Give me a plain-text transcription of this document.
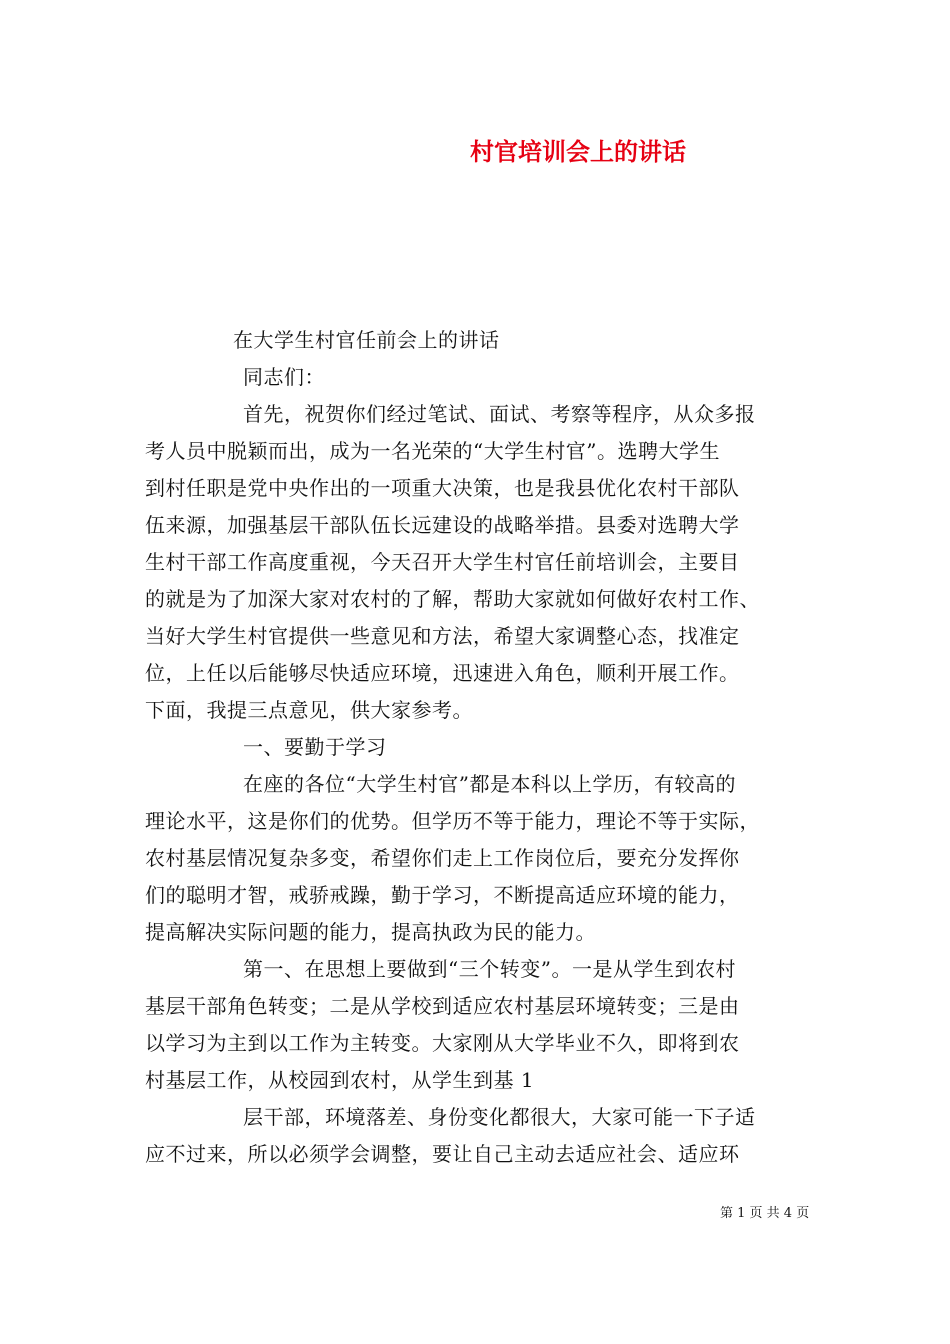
村官培训会上的讲话
在大学生村官任前会上的讲话
同志们：
首先，祝贺你们经过笔试、面试、考察等程序，从众多报
考人员中脱颖而出，成为一名光荣的“大学生村官”。选聘大学生
到村任职是党中央作出的一项重大决策，也是我县优化农村干部队
伍来源，加强基层干部队伍长远建设的战略举措。县委对选聘大学
生村干部工作高度重视，今天召开大学生村官任前培训会，主要目
的就是为了加深大家对农村的了解，帮助大家就如何做好农村工作、
当好大学生村官提供一些意见和方法，希望大家调整心态，找准定
位，上任以后能够尽快适应环境，迅速进入角色，顺利开展工作。
下面，我提三点意见，供大家参考。
一、要勤于学习
在座的各位“大学生村官”都是本科以上学历，有较高的
理论水平，这是你们的优势。但学历不等于能力，理论不等于实际，
农村基层情况复杂多变，希望你们走上工作岗位后，要充分发挥你
们的聪明才智，戒骄戒躁，勤于学习，不断提高适应环境的能力，
提高解决实际问题的能力，提高执政为民的能力。
第一、在思想上要做到“三个转变”。一是从学生到农村
基层干部角色转变；二是从学校到适应农村基层环境转变；三是由
以学习为主到以工作为主转变。大家刚从大学毕业不久，即将到农
村基层工作，从校园到农村，从学生到基 1
层干部，环境落差、身份变化都很大，大家可能一下子适
应不过来，所以必须学会调整，要让自己主动去适应社会、适应环
第 1 页 共 4 页
